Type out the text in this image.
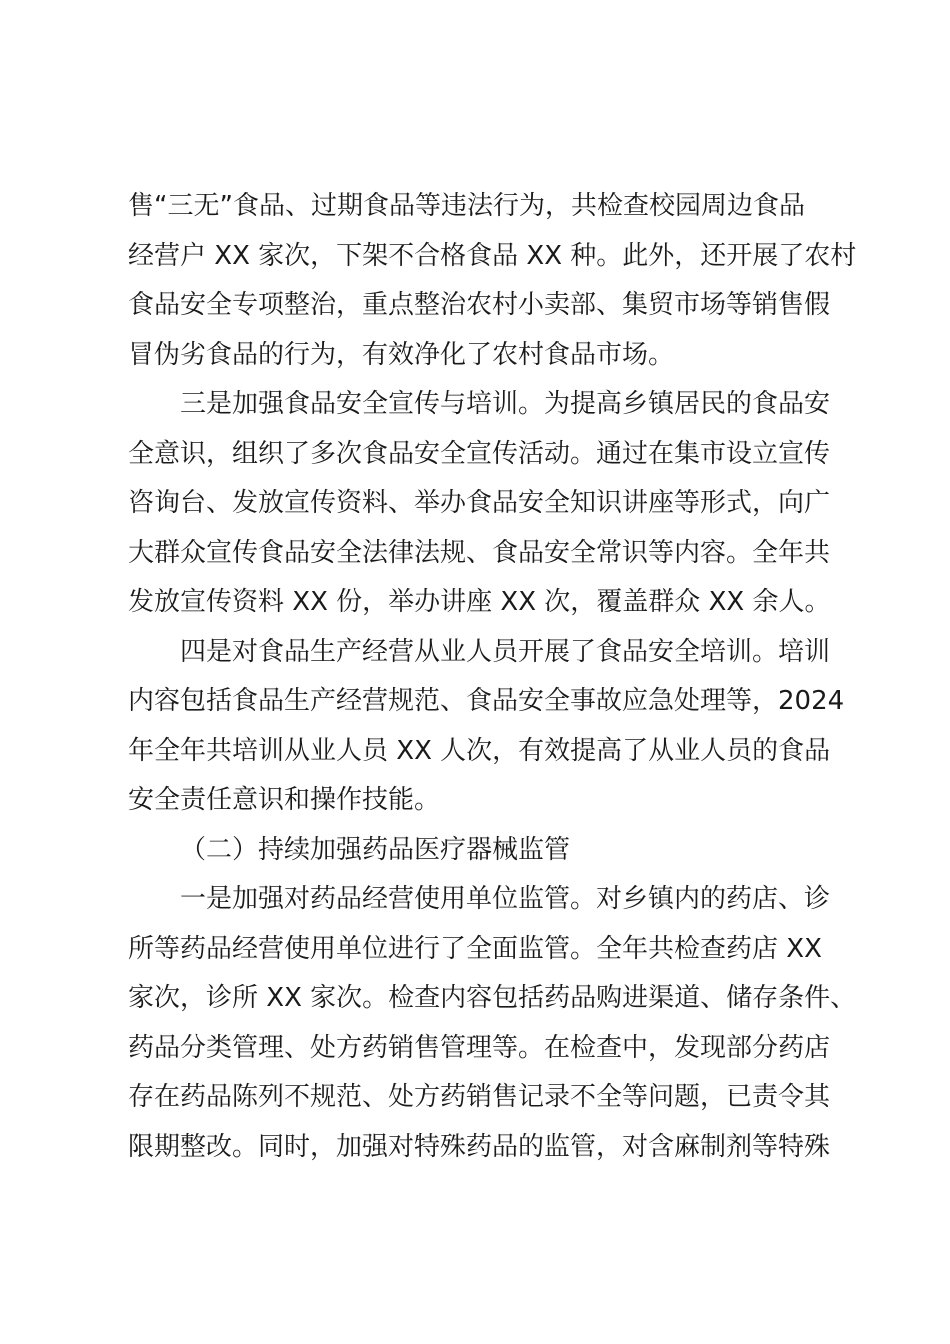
售“三无”食品、过期食品等违法行为，共检查校园周边食品
经营户 XX 家次，下架不合格食品 XX 种。此外，还开展了农村
食品安全专项整治，重点整治农村小卖部、集贸市场等销售假
冒伪劣食品的行为，有效净化了农村食品市场。
三是加强食品安全宣传与培训。为提高乡镇居民的食品安
全意识，组织了多次食品安全宣传活动。通过在集市设立宣传
咨询台、发放宣传资料、举办食品安全知识讲座等形式，向广
大群众宣传食品安全法律法规、食品安全常识等内容。全年共
发放宣传资料 XX 份，举办讲座 XX 次，覆盖群众 XX 余人。
四是对食品生产经营从业人员开展了食品安全培训。培训
内容包括食品生产经营规范、食品安全事故应急处理等，2024
年全年共培训从业人员 XX 人次，有效提高了从业人员的食品
安全责任意识和操作技能。
（二）持续加强药品医疗器械监管
一是加强对药品经营使用单位监管。对乡镇内的药店、诊
所等药品经营使用单位进行了全面监管。全年共检查药店 XX
家次，诊所 XX 家次。检查内容包括药品购进渠道、储存条件、
药品分类管理、处方药销售管理等。在检查中，发现部分药店
存在药品陈列不规范、处方药销售记录不全等问题，已责令其
限期整改。同时，加强对特殊药品的监管，对含麻制剂等特殊
